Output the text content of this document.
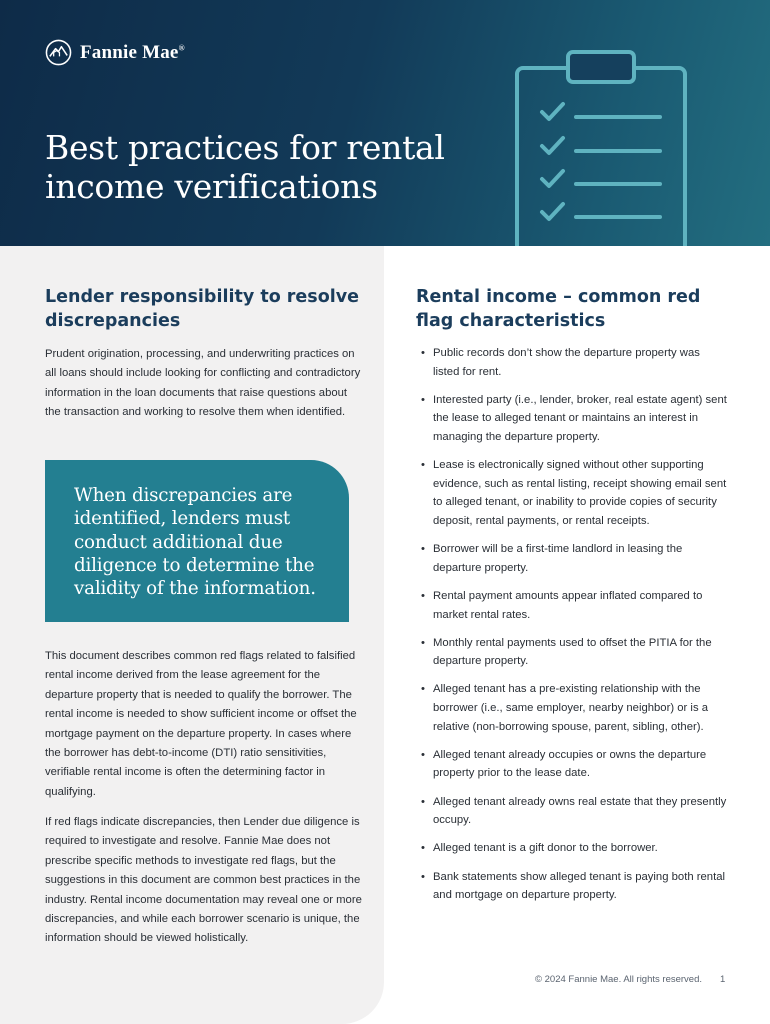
Fannie Mae®
Best practices for rental income verifications
Lender responsibility to resolve discrepancies

Prudent origination, processing, and underwriting practices on all loans should include looking for conflicting and contradictory information in the loan documents that raise questions about the transaction and working to resolve them when identified.

When discrepancies are identified, lenders must conduct additional due diligence to determine the validity of the information.

This document describes common red flags related to falsified rental income derived from the lease agreement for the departure property that is needed to qualify the borrower. The rental income is needed to show sufficient income or offset the mortgage payment on the departure property. In cases where the borrower has debt-to-income (DTI) ratio sensitivities, verifiable rental income is often the determining factor in qualifying.

If red flags indicate discrepancies, then Lender due diligence is required to investigate and resolve. Fannie Mae does not prescribe specific methods to investigate red flags, but the suggestions in this document are common best practices in the industry. Rental income documentation may reveal one or more discrepancies, and while each borrower scenario is unique, the information should be viewed holistically.

Rental income – common red flag characteristics
• Public records don’t show the departure property was listed for rent.
• Interested party (i.e., lender, broker, real estate agent) sent the lease to alleged tenant or maintains an interest in managing the departure property.
• Lease is electronically signed without other supporting evidence, such as rental listing, receipt showing email sent to alleged tenant, or inability to provide copies of security deposit, rental payments, or rental receipts.
• Borrower will be a first-time landlord in leasing the departure property.
• Rental payment amounts appear inflated compared to market rental rates.
• Monthly rental payments used to offset the PITIA for the departure property.
• Alleged tenant has a pre-existing relationship with the borrower (i.e., same employer, nearby neighbor) or is a relative (non-borrowing spouse, parent, sibling, other).
• Alleged tenant already occupies or owns the departure property prior to the lease date.
• Alleged tenant already owns real estate that they presently occupy.
• Alleged tenant is a gift donor to the borrower.
• Bank statements show alleged tenant is paying both rental and mortgage on departure property.
© 2024 Fannie Mae. All rights reserved. 1
